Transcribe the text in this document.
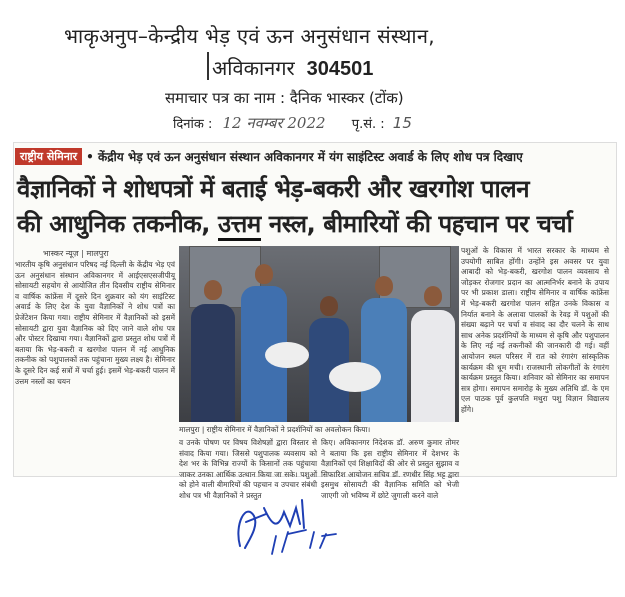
भाकृअनुप–केन्द्रीय भेड़ एवं ऊन अनुसंधान संस्थान,
अविकानगर 304501
समाचार पत्र का नाम : दैनिक भास्कर (टोंक)
दिनांक : 12 नवम्बर 2022 पृ.सं. : 15
राष्ट्रीय सेमिनार • केंद्रीय भेड़ एवं ऊन अनुसंधान संस्थान अविकानगर में यंग साइंटिस्ट अवार्ड के लिए शोध पत्र दिखाए
वैज्ञानिकों ने शोधपत्रों में बताई भेड़-बकरी और खरगोश पालन
की आधुनिक तकनीक, उत्तम नस्ल, बीमारियों की पहचान पर चर्चा
भास्कर न्यूज़ | मालपुरा
भारतीय कृषि अनुसंधान परिषद नई दिल्ली के केंद्रीय भेड़ एवं ऊन अनुसंधान संस्थान अविकानगर में आईएसएसजीपीयू सोसायटी सहयोग से आयोजित तीन दिवसीय राष्ट्रीय सेमिनार व वार्षिक कांफ्रेंस में दूसरे दिन शुक्रवार को यंग साइंटिस्ट अवार्ड के लिए देश के युवा वैज्ञानिकों ने शोध पत्रों का प्रेजेंटेशन किया गया। राष्ट्रीय सेमिनार में वैज्ञानिकों को इसमें सोसायटी द्वारा युवा वैज्ञानिक को दिए जाने वाले शोध पत्र और पोस्टर दिखाया गया। वैज्ञानिकों द्वारा प्रस्तुत शोध पत्रों में बताया कि भेड़-बकरी व खरगोश पालन में नई आधुनिक तकनीक को पशुपालकों तक पहुंचाना मुख्य लक्ष्य है। सेमिनार के दूसरे दिन कई सत्रों में चर्चा हुई। इसमें भेड़-बकरी पालन में उत्तम नस्लों का चयन
मालपुरा | राष्ट्रीय सेमिनार में वैज्ञानिकों ने प्रदर्शनियों का अवलोकन किया।
व उनके पोषण पर विषय विशेषज्ञों द्वारा विस्तार से संवाद किया गया। जिससे पशुपालक व्यवसाय को देश भर के विभिन्न राज्यों के किसानों तक पहुंचाया जाकर उनका आर्थिक उत्थान किया जा सके। पशुओं को होने वाली बीमारियों की पहचान व उपचार संबंधी शोध पत्र भी वैज्ञानिकों ने प्रस्तुत
किए। अविकानगर निदेशक डॉ. अरुण कुमार तोमर ने बताया कि इस राष्ट्रीय सेमिनार में देशभर के वैज्ञानिकों एवं शिक्षाविदों की ओर से प्रस्तुत सुझाव व सिफारिश आयोजन सचिव डॉ. रणधीर सिंह भट्ट द्वारा इसमुथ सोसायटी की वैज्ञानिक समिति को भेजी जाएगी जो भविष्य में छोटे जुगाली करने वाले
पशुओं के विकास में भारत सरकार के माध्यम से उपयोगी साबित होंगी। उन्होंने इस अवसर पर युवा आबादी को भेड़-बकरी, खरगोश पालन व्यवसाय से जोड़कर रोजगार प्रदान का आत्मनिर्भर बनाने के उपाय पर भी प्रकाश डाला। राष्ट्रीय सेमिनार व वार्षिक कांफ्रेंस में भेड़-बकरी खरगोश पालन सहित उनके विकास व निर्यात बनाने के अलावा पालकों के रेवड़ में पशुओं की संख्या बढ़ाने पर चर्चा व संवाद का दौर चलने के साथ साथ अनेक प्रदर्शनियों के माध्यम से कृषि और पशुपालन के लिए नई नई तकनीकों की जानकारी दी गई। वहीं आयोजन स्थल परिसर में रात को रंगारंग सांस्कृतिक कार्यक्रम की धूम मची। राजस्थानी लोकगीतों के रंगारंग कार्यक्रम प्रस्तुत किया। शनिवार को सेमिनार का समापन सत्र होगा। समापन समारोह के मुख्य अतिथि डॉ. के एम एल पाठक पूर्व कुलपति मथुरा पशु विज्ञान विद्यालय होंगे।
